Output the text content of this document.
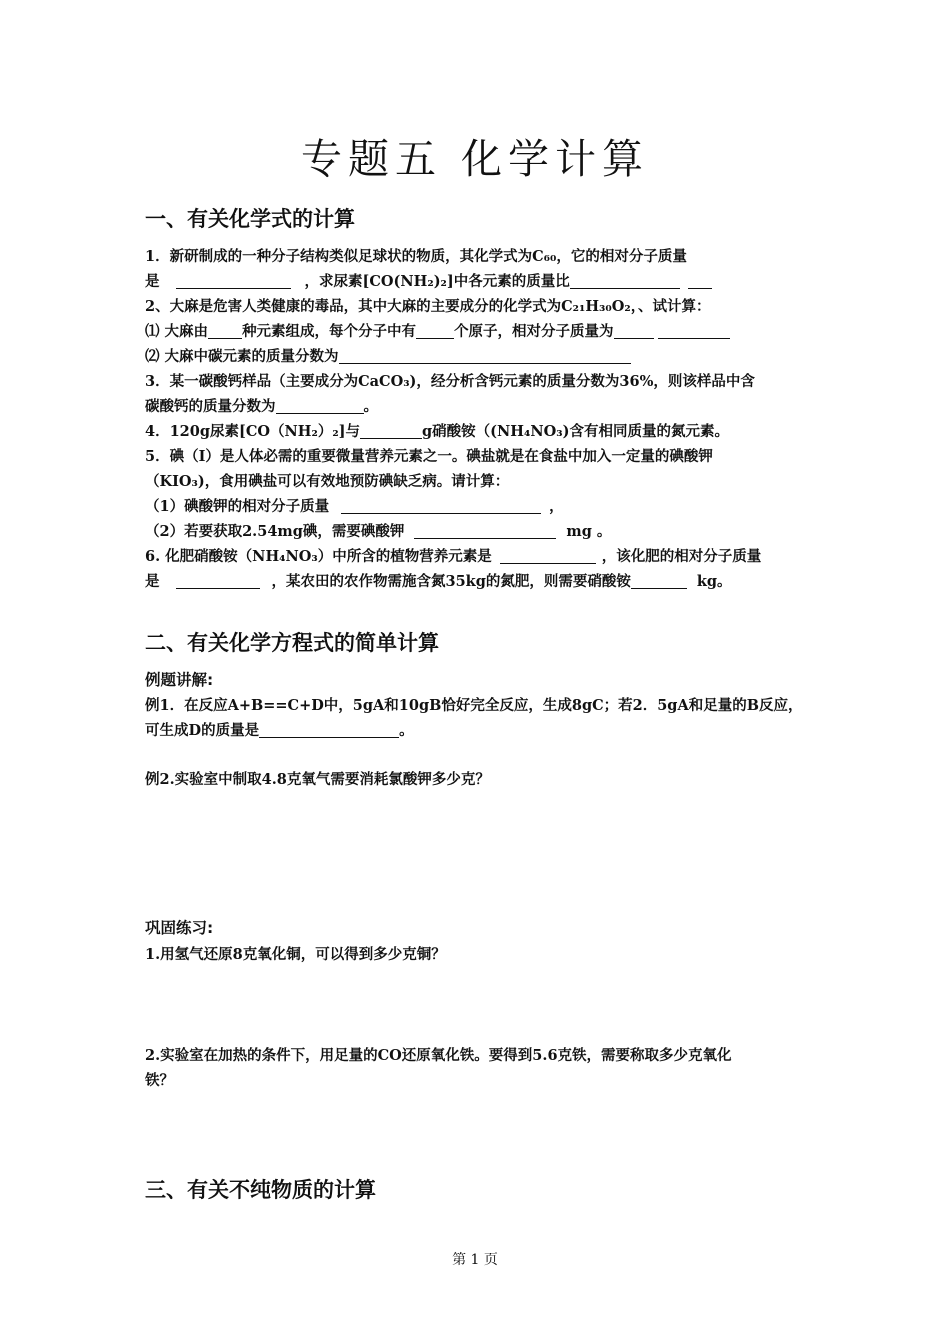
专题五 化学计算
一、有关化学式的计算
1．新研制成的一种分子结构类似足球状的物质，其化学式为C₆₀，它的相对分子质量
是	，求尿素[CO(NH₂)₂]中各元素的质量比
2、大麻是危害人类健康的毒品，其中大麻的主要成分的化学式为C₂₁H₃₀O₂，、试计算：
⑴ 大麻由 种元素组成，每个分子中有	个原子，相对分子质量为
⑵ 大麻中碳元素的质量分数为
3．某一碳酸钙样品（主要成分为CaCO₃)，经分析含钙元素的质量分数为36%，则该样品中含
碳酸钙的质量分数为	。
4．120g尿素[CO（NH₂）₂]与	g硝酸铵（(NH₄NO₃)含有相同质量的氮元素。
5．碘（I）是人体必需的重要微量营养元素之一。碘盐就是在食盐中加入一定量的碘酸钾
（KIO₃)，食用碘盐可以有效地预防碘缺乏病。请计算：
（1）碘酸钾的相对分子质量	，
（2）若要获取2.54mg碘，需要碘酸钾	mg 。
6. 化肥硝酸铵（NH₄NO₃）中所含的植物营养元素是	，该化肥的相对分子质量
是	，某农田的农作物需施含氮35kg的氮肥，则需要硝酸铵	kg。
二、有关化学方程式的简单计算
例题讲解:
例1．在反应A+B==C+D中，5gA和10gB恰好完全反应，生成8gC；若2．5gA和足量的B反应，
可生成D的质量是	。
例2.实验室中制取4.8克氧气需要消耗氯酸钾多少克？
巩固练习:
1.用氢气还原8克氧化铜，可以得到多少克铜？
2.实验室在加热的条件下，用足量的CO还原氧化铁。要得到5.6克铁，需要称取多少克氧化
铁？
三、有关不纯物质的计算
第 1 页
